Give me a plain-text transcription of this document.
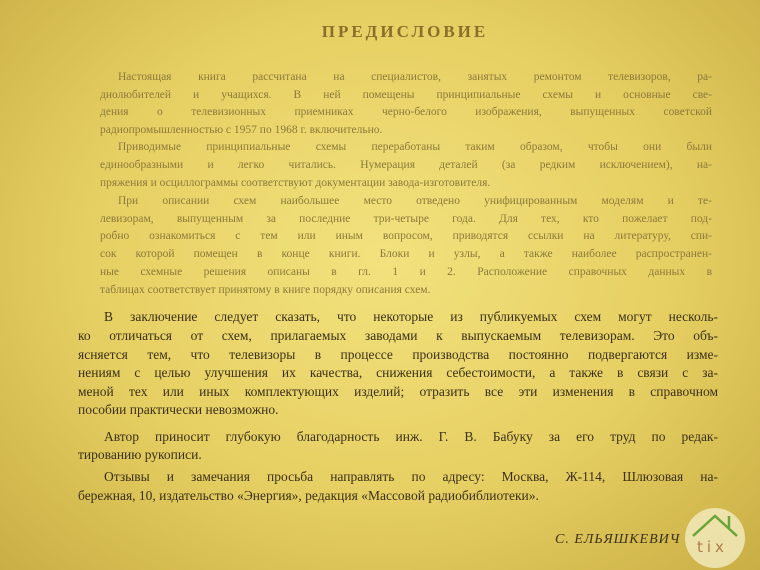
ПРЕДИСЛОВИЕ
Настоящая книга рассчитана на специалистов, занятых ремонтом телевизоров, ра-
диолюбителей и учащихся. В ней помещены принципиальные схемы и основные све-
дения о телевизионных приемниках черно-белого изображения, выпущенных советской
радиопромышленностью с 1957 по 1968 г. включительно.
Приводимые принципиальные схемы переработаны таким образом, чтобы они были
единообразными и легко читались. Нумерация деталей (за редким исключением), на-
пряжения и осциллограммы соответствуют документации завода-изготовителя.
При описании схем наибольшее место отведено унифицированным моделям и те-
левизорам, выпущенным за последние три-четыре года. Для тех, кто пожелает под-
робно ознакомиться с тем или иным вопросом, приводятся ссылки на литературу, спи-
сок которой помещен в конце книги. Блоки и узлы, а также наиболее распространен-
ные схемные решения описаны в гл. 1 и 2. Расположение справочных данных в
таблицах соответствует принятому в книге порядку описания схем.
В заключение следует сказать, что некоторые из публикуемых схем могут несколь-
ко отличаться от схем, прилагаемых заводами к выпускаемым телевизорам. Это объ-
ясняется тем, что телевизоры в процессе производства постоянно подвергаются изме-
нениям с целью улучшения их качества, снижения себестоимости, а также в связи с за-
меной тех или иных комплектующих изделий; отразить все эти изменения в справочном
пособии практически невозможно.
Автор приносит глубокую благодарность инж. Г. В. Бабуку за его труд по редак-
тированию рукописи.
Отзывы и замечания просьба направлять по адресу: Москва, Ж-114, Шлюзовая на-
бережная, 10, издательство «Энергия», редакция «Массовой радиобиблиотеки».
С. ЕЛЬЯШКЕВИЧ tix
